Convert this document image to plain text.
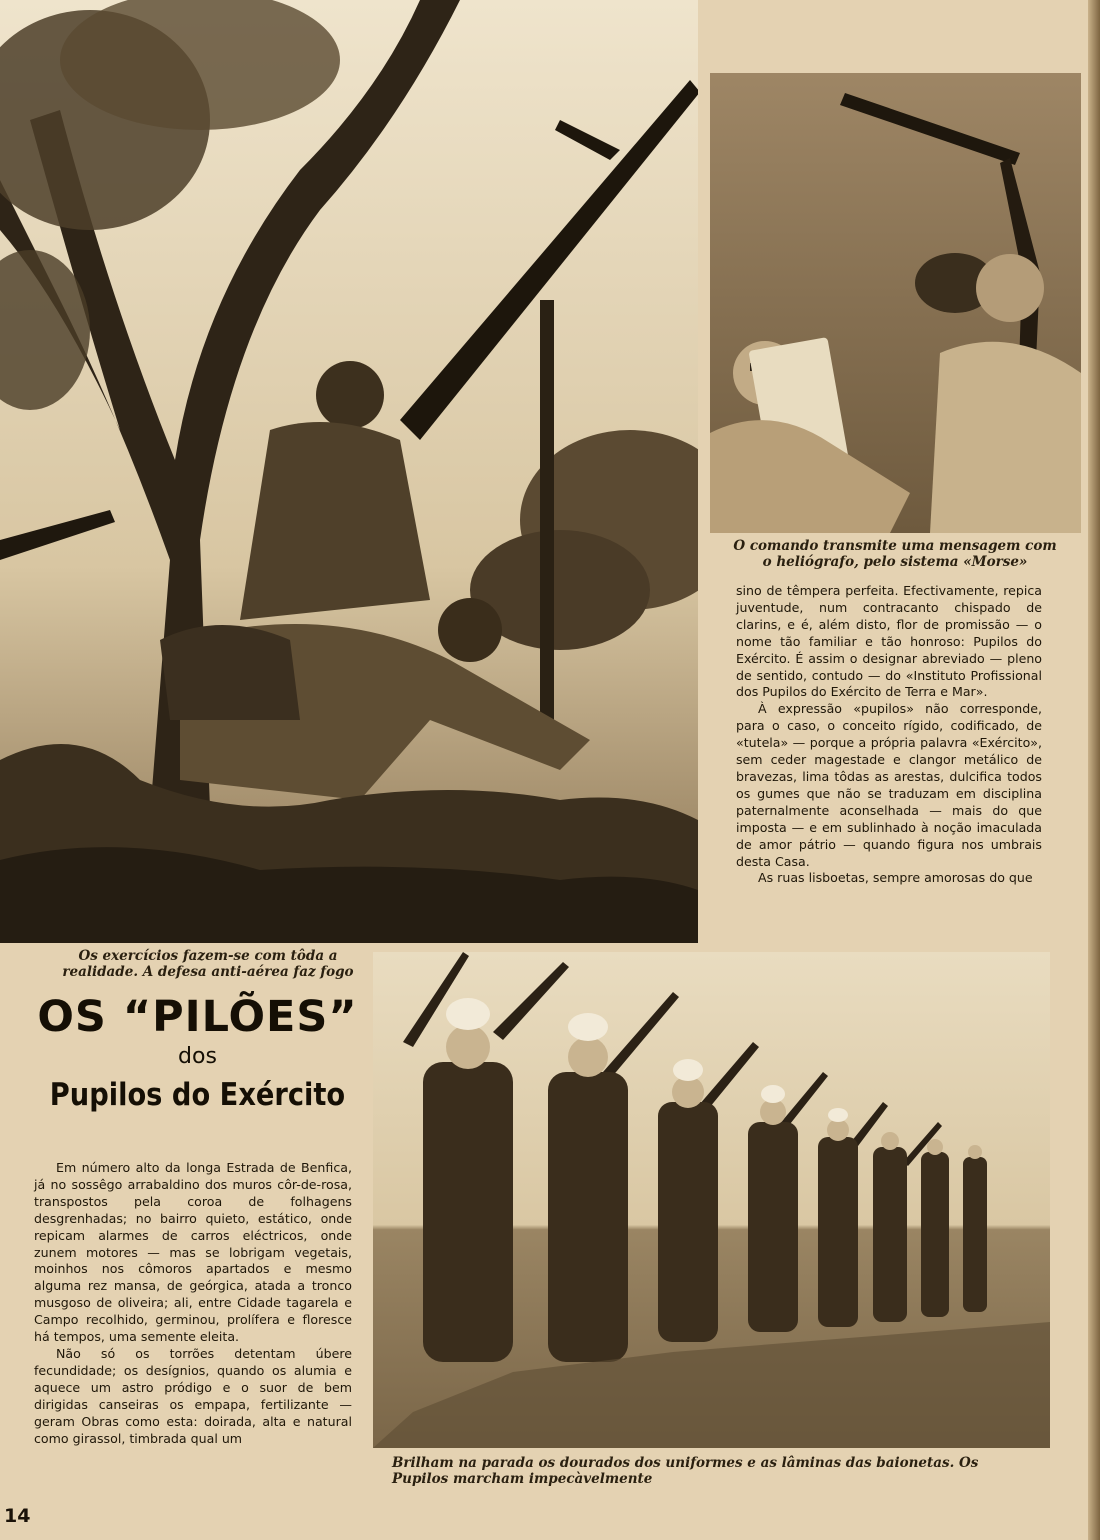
O comando transmite uma mensagem com o heliógrafo, pelo sistema «Morse»

sino de têmpera perfeita. Efectivamente, repica juventude, num contracanto chispado de clarins, e é, além disto, flor de promissão — o nome tão familiar e tão honroso: Pupilos do Exército. É assim o designar abreviado — pleno de sentido, contudo — do «Instituto Profissional dos Pupilos do Exército de Terra e Mar».

À expressão «pupilos» não corresponde, para o caso, o conceito rígido, codificado, de «tutela» — porque a própria palavra «Exército», sem ceder magestade e clangor metálico de bravezas, lima tôdas as arestas, dulcifica todos os gumes que não se traduzam em disciplina paternalmente aconselhada — mais do que imposta — e em sublinhado à noção imaculada de amor pátrio — quando figura nos umbrais desta Casa.

As ruas lisboetas, sempre amorosas do que

Os exercícios fazem-se com tôda a realidade. A defesa anti-aérea faz fogo
OS “PILÕES”
dos
Pupilos do Exército

Em número alto da longa Estrada de Benfica, já no sossêgo arrabaldino dos muros côr-de-rosa, transpostos pela coroa de folhagens desgrenhadas; no bairro quieto, estático, onde repicam alarmes de carros eléctricos, onde zunem motores — mas se lobrigam vegetais, moinhos nos cômoros apartados e mesmo alguma rez mansa, de geórgica, atada a tronco musgoso de oliveira; ali, entre Cidade tagarela e Campo recolhido, germinou, prolífera e floresce há tempos, uma semente eleita.

Não só os torrões detentam úbere fecundidade; os desígnios, quando os alumia e aquece um astro pródigo e o suor de bem dirigidas canseiras os empapa, fertilizante — geram Obras como esta: doirada, alta e natural como girassol, timbrada qual um

Brilham na parada os dourados dos uniformes e as lâminas das baionetas. Os Pupilos marcham impecàvelmente
14
